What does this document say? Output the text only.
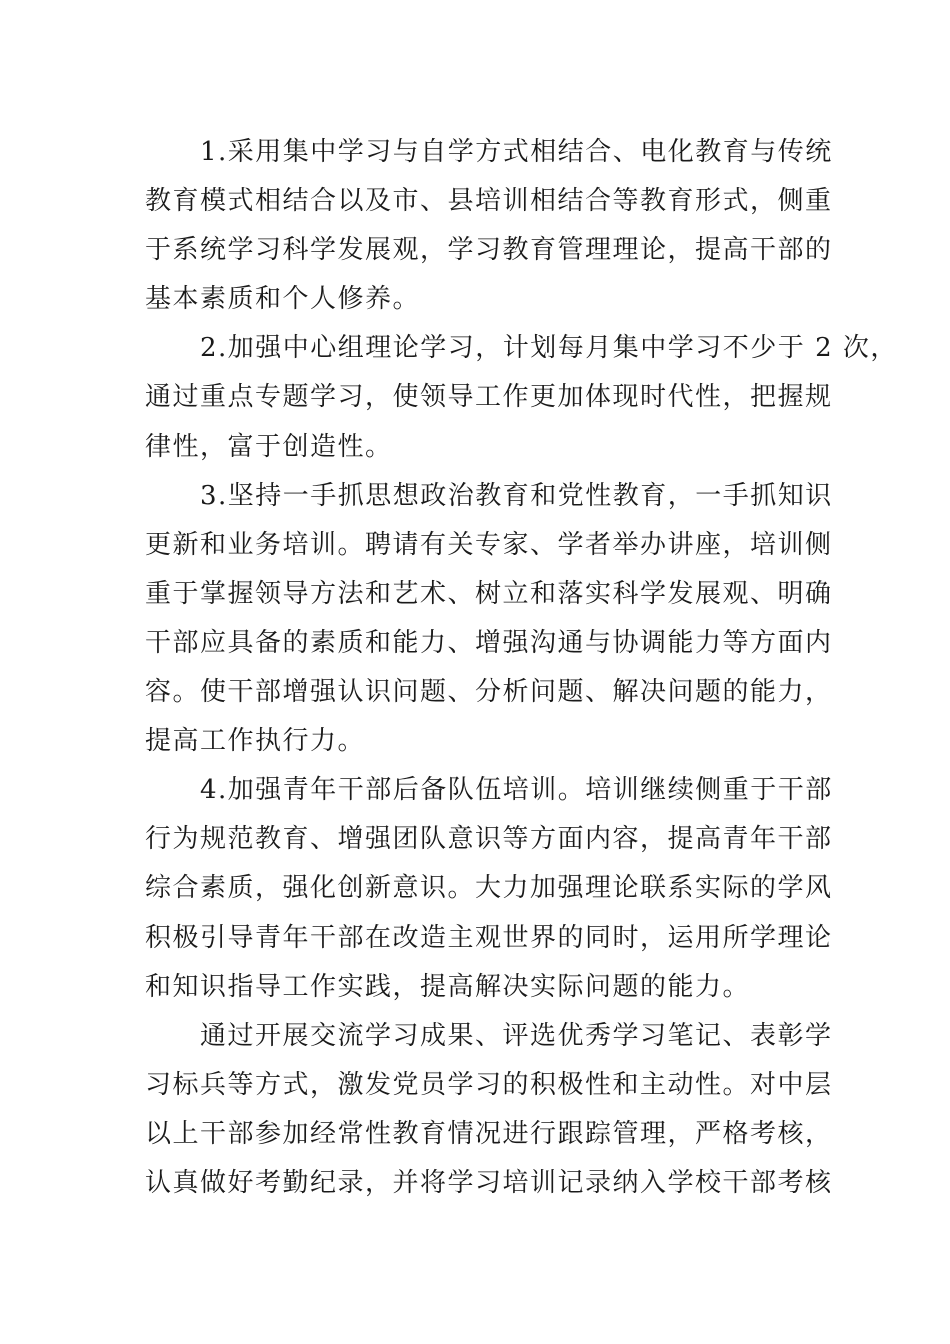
1.采用集中学习与自学方式相结合、电化教育与传统
教育模式相结合以及市、县培训相结合等教育形式，侧重
于系统学习科学发展观，学习教育管理理论，提高干部的
基本素质和个人修养。

2.加强中心组理论学习，计划每月集中学习不少于 2 次，
通过重点专题学习，使领导工作更加体现时代性，把握规
律性，富于创造性。

3.坚持一手抓思想政治教育和党性教育，一手抓知识
更新和业务培训。聘请有关专家、学者举办讲座，培训侧
重于掌握领导方法和艺术、树立和落实科学发展观、明确
干部应具备的素质和能力、增强沟通与协调能力等方面内
容。使干部增强认识问题、分析问题、解决问题的能力，
提高工作执行力。

4.加强青年干部后备队伍培训。培训继续侧重于干部
行为规范教育、增强团队意识等方面内容，提高青年干部
综合素质，强化创新意识。大力加强理论联系实际的学风
积极引导青年干部在改造主观世界的同时，运用所学理论
和知识指导工作实践，提高解决实际问题的能力。

通过开展交流学习成果、评选优秀学习笔记、表彰学
习标兵等方式，激发党员学习的积极性和主动性。对中层
以上干部参加经常性教育情况进行跟踪管理，严格考核，
认真做好考勤纪录，并将学习培训记录纳入学校干部考核
